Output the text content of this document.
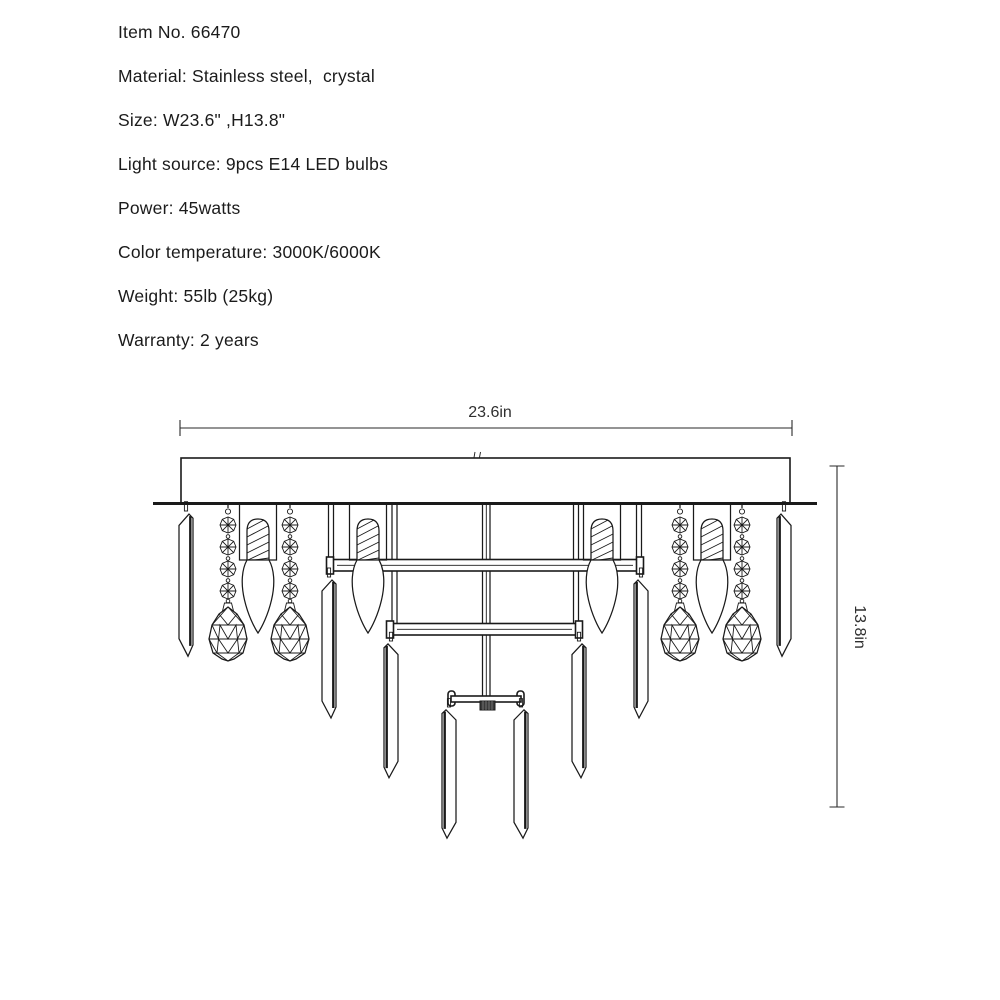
Item No. 66470
Material: Stainless steel,  crystal
Size: W23.6" ,H13.8"
Light source: 9pcs E14 LED bulbs
Power: 45watts
Color temperature: 3000K/6000K
Weight: 55lb (25kg)
Warranty: 2 years
23.6in
13.8in
